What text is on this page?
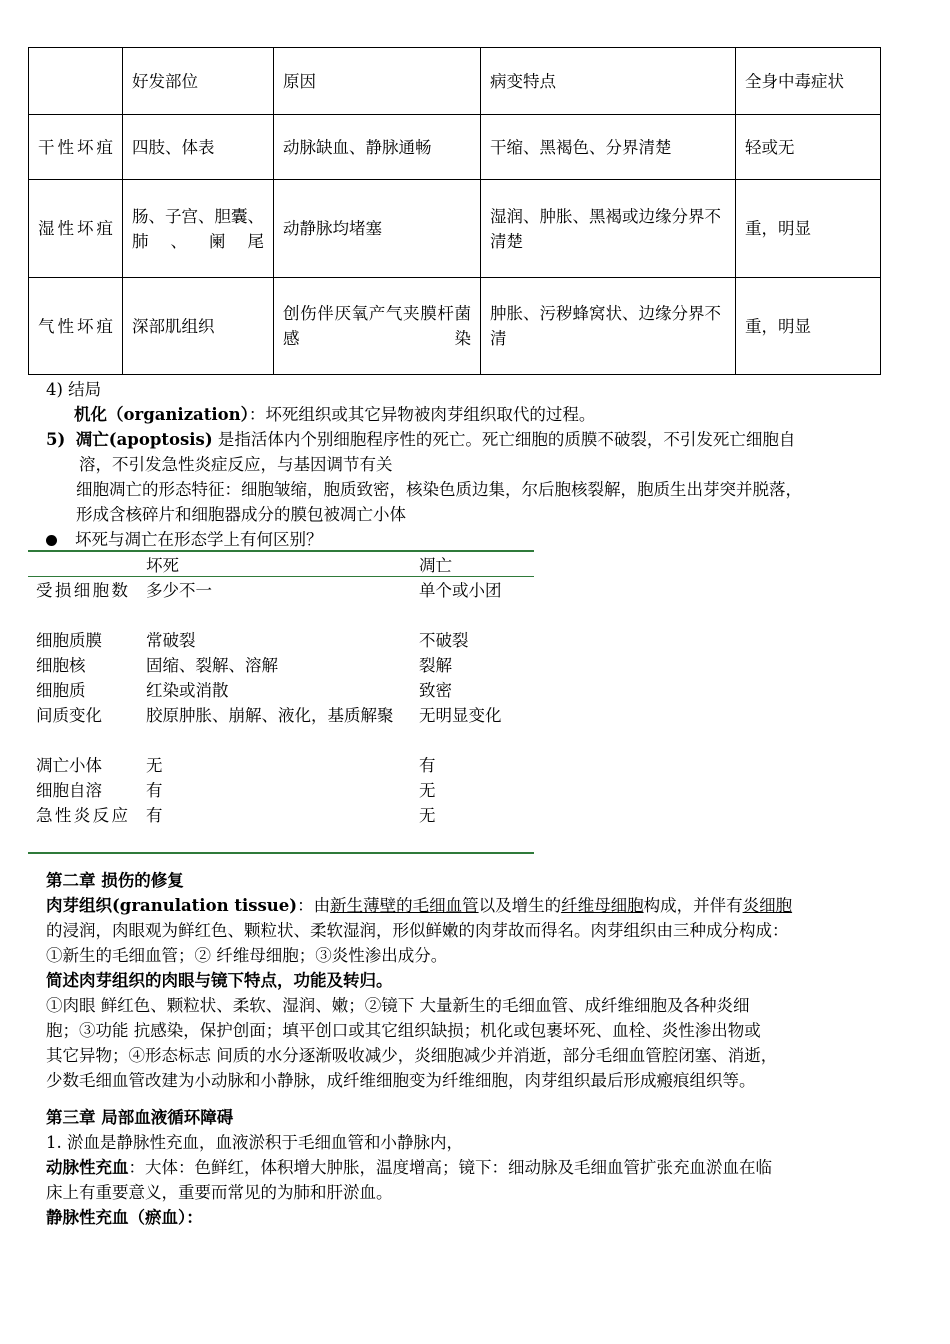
	好发部位	原因	病变特点	全身中毒症状
干性坏疽	四肢、体表	动脉缺血、静脉通畅	干缩、黑褐色、分界清楚	轻或无
湿性坏疽	肠、子宫、胆囊、肺、阑尾	动静脉均堵塞	湿润、肿胀、黑褐或边缘分界不清楚	重，明显
气性坏疽	深部肌组织	创伤伴厌氧产气夹膜杆菌感染	肿胀、污秽蜂窝状、边缘分界不清	重，明显
4) 结局
机化（organization）：坏死组织或其它异物被肉芽组织取代的过程。
5) 凋亡(apoptosis) 是指活体内个别细胞程序性的死亡。死亡细胞的质膜不破裂，不引发死亡细胞自
溶，不引发急性炎症反应，与基因调节有关
细胞凋亡的形态特征：细胞皱缩，胞质致密，核染色质边集，尔后胞核裂解，胞质生出芽突并脱落，
形成含核碎片和细胞器成分的膜包被凋亡小体
坏死与凋亡在形态学上有何区别？
坏死	凋亡
受损细胞数 多少不一	单个或小团
细胞质膜	常破裂	不破裂
细胞核	固缩、裂解、溶解	裂解
细胞质	红染或消散	致密
间质变化	胶原肿胀、崩解、液化，基质解聚	无明显变化
凋亡小体	无	有
细胞自溶	有	无
急性炎反应 有	无
第二章 损伤的修复
肉芽组织(granulation tissue)：由新生薄壁的毛细血管以及增生的纤维母细胞构成，并伴有炎细胞
的浸润，肉眼观为鲜红色、颗粒状、柔软湿润，形似鲜嫩的肉芽故而得名。肉芽组织由三种成分构成：
①新生的毛细血管；② 纤维母细胞；③炎性渗出成分。
简述肉芽组织的肉眼与镜下特点，功能及转归。
①肉眼 鲜红色、颗粒状、柔软、湿润、嫩；②镜下 大量新生的毛细血管、成纤维细胞及各种炎细
胞；③功能 抗感染，保护创面；填平创口或其它组织缺损；机化或包裹坏死、血栓、炎性渗出物或
其它异物；④形态标志 间质的水分逐渐吸收减少，炎细胞减少并消逝，部分毛细血管腔闭塞、消逝，
少数毛细血管改建为小动脉和小静脉，成纤维细胞变为纤维细胞，肉芽组织最后形成瘢痕组织等。
第三章 局部血液循环障碍
1. 淤血是静脉性充血，血液淤积于毛细血管和小静脉内，
动脉性充血：大体：色鲜红，体积增大肿胀，温度增高；镜下：细动脉及毛细血管扩张充血淤血在临
床上有重要意义，重要而常见的为肺和肝淤血。
静脉性充血（瘀血）：
